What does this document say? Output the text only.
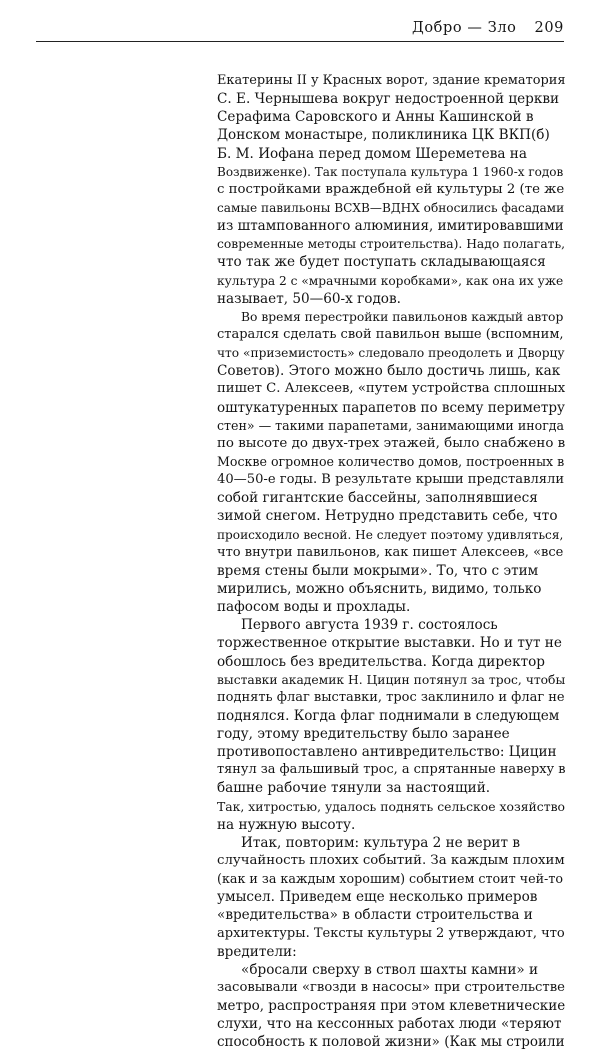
Добро — Зло 209
Екатерины II у Красных ворот, здание крематория
С. Е. Чернышева вокруг недостроенной церкви
Серафима Саровского и Анны Кашинской в
Донском монастыре, поликлиника ЦК ВКП(б)
Б. М. Иофана перед домом Шереметева на
Воздвиженке). Так поступала культура 1 1960-х годов
с постройками враждебной ей культуры 2 (те же
самые павильоны ВСХВ—ВДНХ обносились фасадами
из штампованного алюминия, имитировавшими
современные методы строительства). Надо полагать,
что так же будет поступать складывающаяся
культура 2 с «мрачными коробками», как она их уже
называет, 50—60-х годов.
Во время перестройки павильонов каждый автор
старался сделать свой павильон выше (вспомним,
что «приземистость» следовало преодолеть и Дворцу
Советов). Этого можно было достичь лишь, как
пишет С. Алексеев, «путем устройства сплошных
оштукатуренных парапетов по всему периметру
стен» — такими парапетами, занимающими иногда
по высоте до двух-трех этажей, было снабжено в
Москве огромное количество домов, построенных в
40—50-е годы. В результате крыши представляли
собой гигантские бассейны, заполнявшиеся
зимой снегом. Нетрудно представить себе, что
происходило весной. Не следует поэтому удивляться,
что внутри павильонов, как пишет Алексеев, «все
время стены были мокрыми». То, что с этим
мирились, можно объяснить, видимо, только
пафосом воды и прохлады.
Первого августа 1939 г. состоялось
торжественное открытие выставки. Но и тут не
обошлось без вредительства. Когда директор
выставки академик Н. Цицин потянул за трос, чтобы
поднять флаг выставки, трос заклинило и флаг не
поднялся. Когда флаг поднимали в следующем
году, этому вредительству было заранее
противопоставлено антивредительство: Цицин
тянул за фальшивый трос, а спрятанные наверху в
башне рабочие тянули за настоящий.
Так, хитростью, удалось поднять сельское хозяйство
на нужную высоту.
Итак, повторим: культура 2 не верит в
случайность плохих событий. За каждым плохим
(как и за каждым хорошим) событием стоит чей-то
умысел. Приведем еще несколько примеров
«вредительства» в области строительства и
архитектуры. Тексты культуры 2 утверждают, что
вредители:
«бросали сверху в ствол шахты камни» и
засовывали «гвозди в насосы» при строительстве
метро, распространяя при этом клеветнические
слухи, что на кессонных работах люди «теряют
способность к половой жизни» (Как мы строили
